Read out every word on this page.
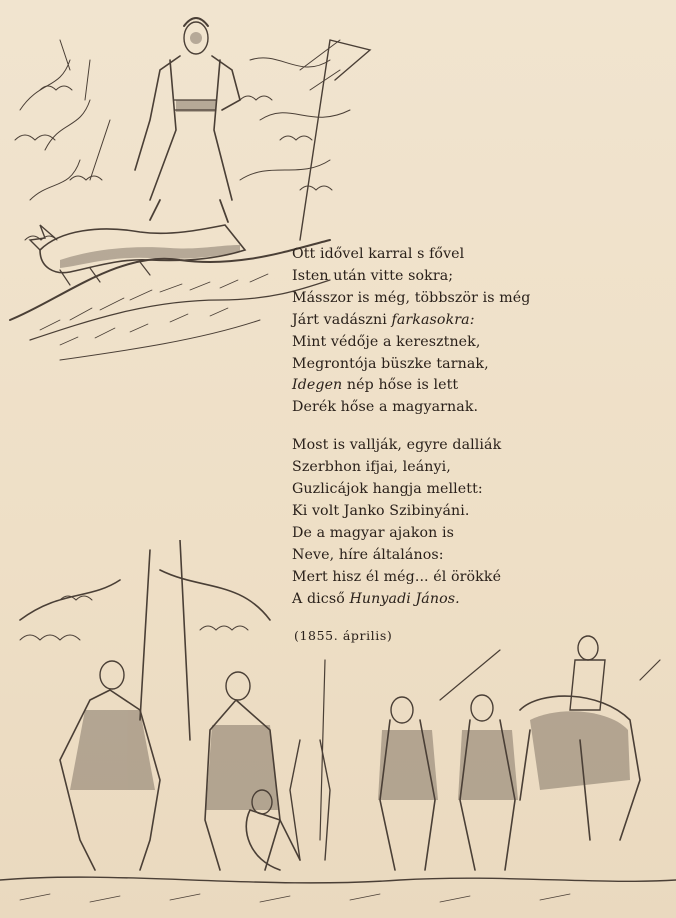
Ott idővel karral s fővel
Isten után vitte sokra;
Másszor is még, többször is még
Járt vadászni farkasokra:
Mint védője a keresztnek,
Megrontója büszke tarnak,
Idegen nép hőse is lett
Derék hőse a magyarnak.
Most is vallják, egyre dalliák
Szerbhon ifjai, leányi,
Guzlicájok hangja mellett:
Ki volt Janko Szibinyáni.
De a magyar ajakon is
Neve, híre általános:
Mert hisz él még... él örökké
A dicső Hunyadi János.
(1855. április)
